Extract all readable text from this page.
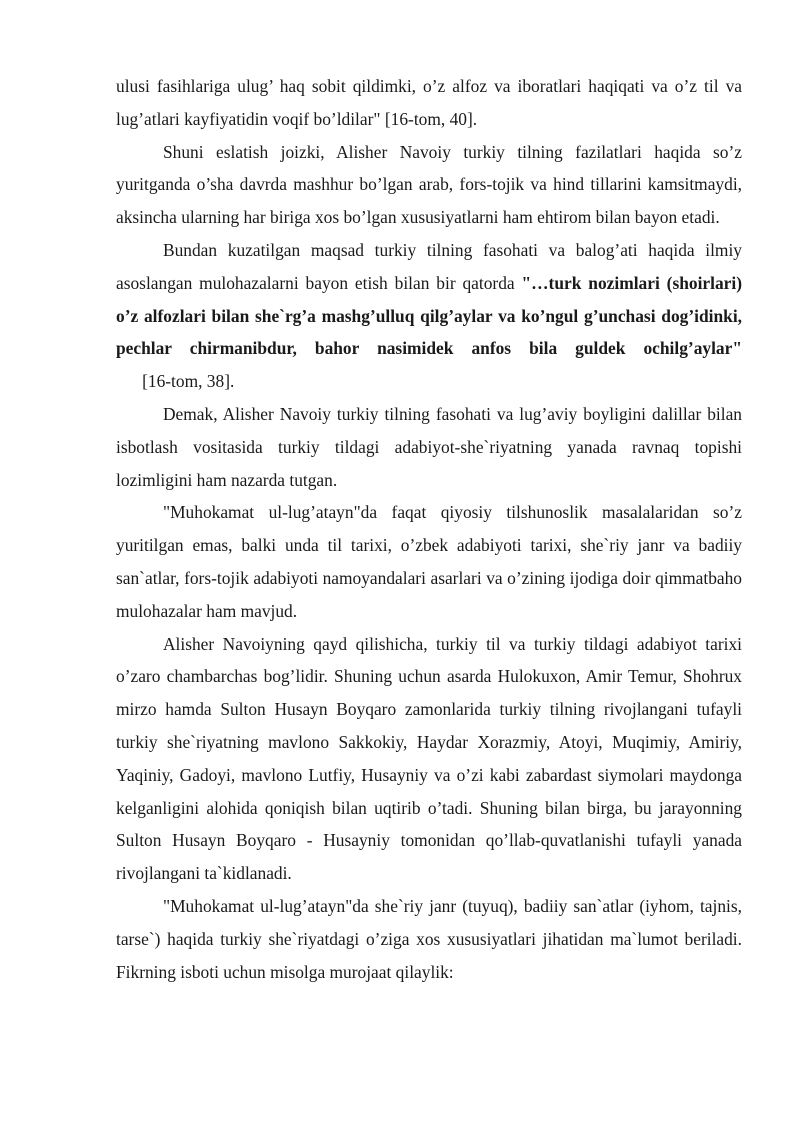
ulusi fasihlariga ulug’ haq sobit qildimki, o’z alfoz va iboratlari haqiqati va o’z til va lug’atlari kayfiyatidin voqif bo’ldilar" [16-tom, 40].

Shuni eslatish joizki, Alisher Navoiy turkiy tilning fazilatlari haqida so’z yuritganda o’sha davrda mashhur bo’lgan arab, fors-tojik va hind tillarini kamsitmaydi, aksincha ularning har biriga xos bo’lgan xususiyatlarni ham ehtirom bilan bayon etadi.

Bundan kuzatilgan maqsad turkiy tilning fasohati va balog’ati haqida ilmiy asoslangan mulohazalarni bayon etish bilan bir qatorda "…turk nozimlari (shoirlari) o’z alfozlari bilan she`rg’a mashg’ulluq qilg’aylar va ko’ngul g’unchasi dog’idinki, pechlar chirmanibdur, bahor nasimidek anfos bila guldek ochilg’aylar"      [16-tom, 38].

Demak, Alisher Navoiy turkiy tilning fasohati va lug’aviy boyligini dalillar bilan isbotlash vositasida turkiy tildagi adabiyot-she`riyatning yanada ravnaq topishi lozimligini ham nazarda tutgan.

"Muhokamat ul-lug’atayn"da faqat qiyosiy tilshunoslik masalalaridan so’z yuritilgan emas, balki unda til tarixi, o’zbek adabiyoti tarixi, she`riy janr va badiiy san`atlar, fors-tojik adabiyoti namoyandalari asarlari va o’zining ijodiga doir qimmatbaho mulohazalar ham mavjud.

Alisher Navoiyning qayd qilishicha, turkiy til va turkiy tildagi adabiyot tarixi o’zaro chambarchas bog’lidir. Shuning uchun asarda Hulokuxon, Amir Temur, Shohrux mirzo hamda Sulton Husayn Boyqaro zamonlarida turkiy tilning rivojlangani tufayli turkiy she`riyatning mavlono Sakkokiy, Haydar Xorazmiy, Atoyi, Muqimiy, Amiriy, Yaqiniy, Gadoyi, mavlono Lutfiy, Husayniy va o’zi kabi zabardast siymolari maydonga kelganligini alohida qoniqish bilan uqtirib o’tadi. Shuning bilan birga, bu jarayonning Sulton Husayn Boyqaro - Husayniy tomonidan qo’llab-quvatlanishi tufayli yanada rivojlangani ta`kidlanadi.

"Muhokamat ul-lug’atayn"da she`riy janr (tuyuq), badiiy san`atlar (iyhom, tajnis, tarse`) haqida turkiy she`riyatdagi o’ziga xos xususiyatlari jihatidan ma`lumot beriladi. Fikrning isboti uchun misolga murojaat qilaylik:
